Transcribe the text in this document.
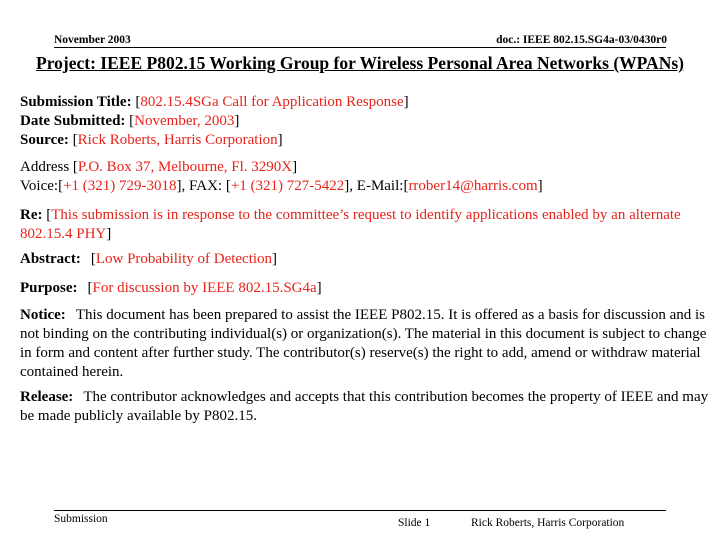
November 2003	doc.: IEEE 802.15.SG4a-03/0430r0
Project: IEEE P802.15 Working Group for Wireless Personal Area Networks (WPANs)

Submission Title: [802.15.4SGa Call for Application Response]

Date Submitted: [November, 2003]

Source: [Rick Roberts, Harris Corporation]

Address [P.O. Box 37, Melbourne, Fl. 3290X]

Voice:[+1 (321) 729-3018], FAX: [+1 (321) 727-5422], E-Mail:[rrober14@harris.com]

Re: [This submission is in response to the committee’s request to identify applications enabled by an alternate 802.15.4 PHY]

Abstract: [Low Probability of Detection]

Purpose: [For discussion by IEEE 802.15.SG4a]

Notice: This document has been prepared to assist the IEEE P802.15. It is offered as a basis for discussion and is not binding on the contributing individual(s) or organization(s). The material in this document is subject to change in form and content after further study. The contributor(s) reserve(s) the right to add, amend or withdraw material contained herein.

Release: The contributor acknowledges and accepts that this contribution becomes the property of IEEE and may be made publicly available by P802.15.

Submission	Slide 1	Rick Roberts, Harris Corporation
